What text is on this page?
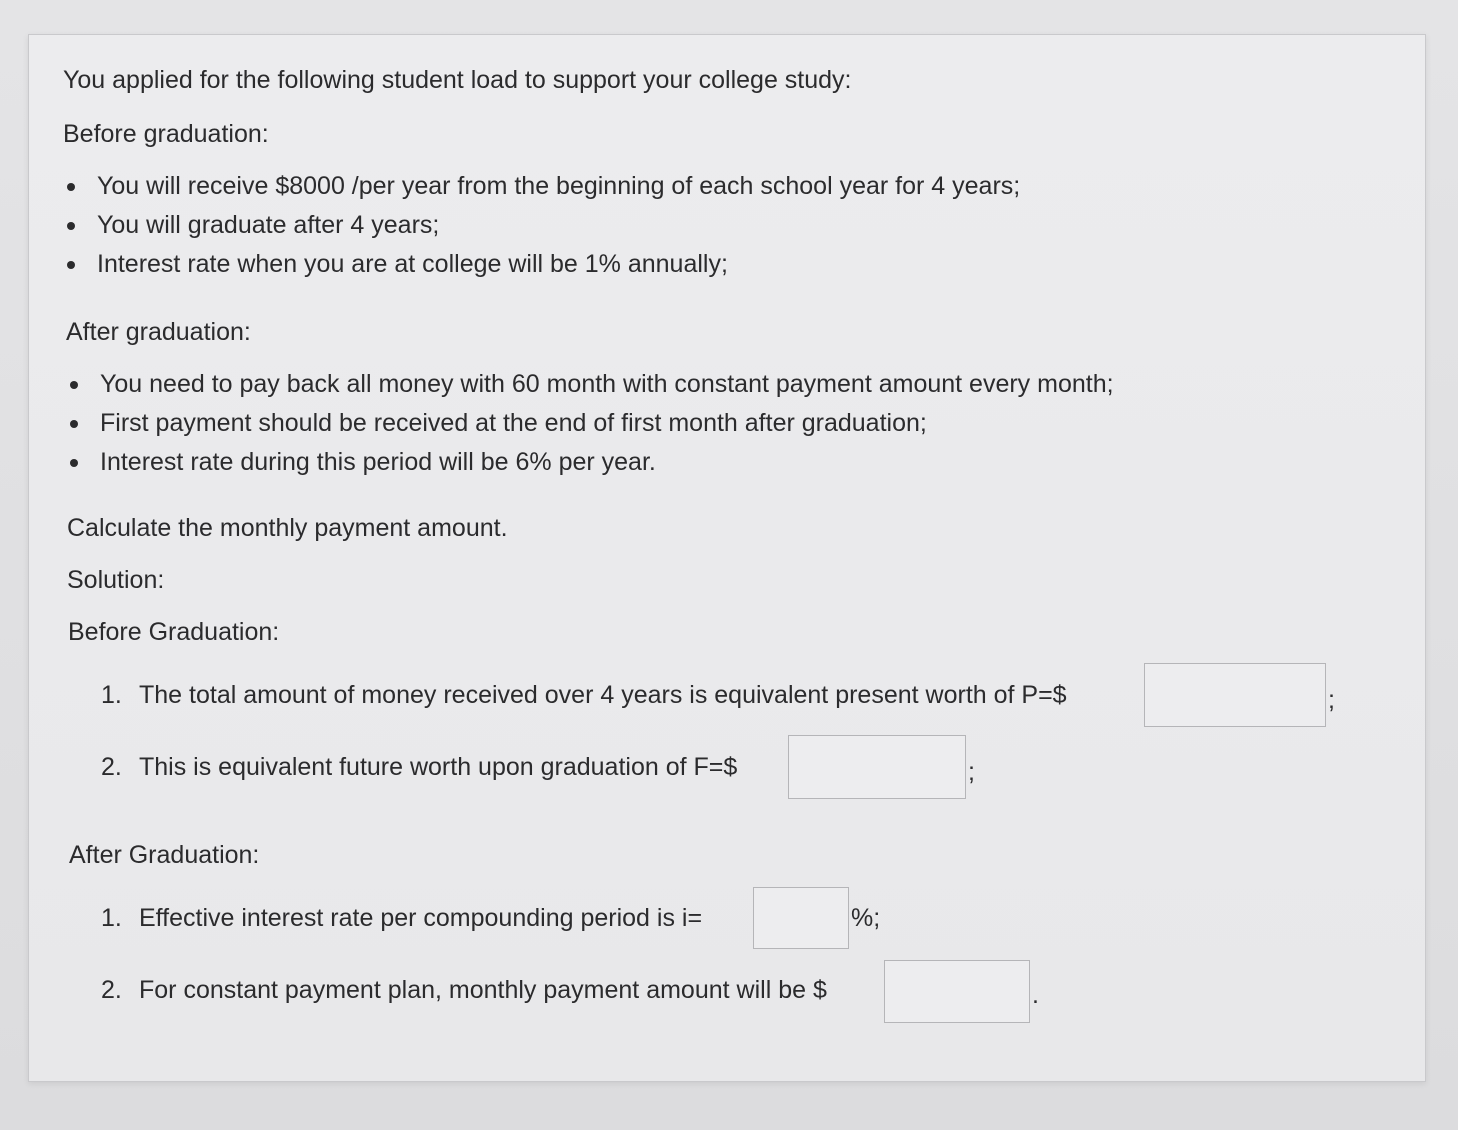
You applied for the following student load to support your college study:
Before graduation:
You will receive $8000 /per year from the beginning of each school year for 4 years;
You will graduate after 4 years;
Interest rate when you are at college will be 1% annually;
After graduation:
You need to pay back all money with 60 month with constant payment amount every month;
First payment should be received at the end of first month after graduation;
Interest rate during this period will be 6% per year.
Calculate the monthly payment amount.
Solution:
Before Graduation:
1. The total amount of money received over 4 years is equivalent present worth of P=$	;
2. This is equivalent future worth upon graduation of F=$	;
After Graduation:
1. Effective interest rate per compounding period is i=	%;
2. For constant payment plan, monthly payment amount will be $	.
